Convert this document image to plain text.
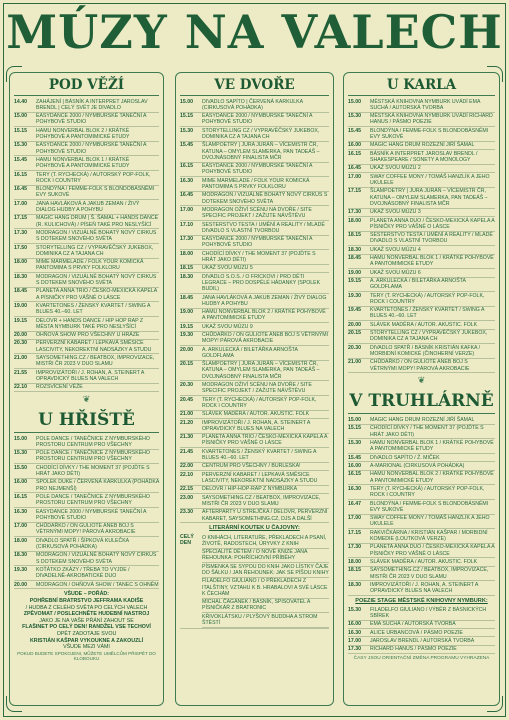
MÚZY NA VALECH
POD VĚŽÍ
14.40	ZAHÁJENÍ | BÁSNÍK A INTERPRET JAROSLAV BRENDL | CELÝ SVĚT JE DIVADLO
15.00	EASYDANCE 2000 / NYMBURSKÉ TANEČNÍ A POHYBOVÉ STUDIO
15.15	HAMU NONVERBAL BLOK 2 / KRÁTKÉ POHYBOVÉ A PANTOMIMICKÉ ETUDY
15.30	EASYDANCE 2000 / NYMBURSKÉ TANEČNÍ A POHYBOVÉ STUDIO
15.45	HAMU NONVERBAL BLOK 1 / KRÁTKÉ POHYBOVÉ A PANTOMIMICKÉ ETUDY
16.15	TERY (T. RYCHECKÁ) / AUTORSKÝ POP-FOLK, ROCK I COUNTRY
16.45	BLONDÝNA / FEMME-FOLK S BLONDOBÁSNĚMI EVY SUKOVÉ
17.00	JANA HAVLÁKOVÁ A JAKUB ZEMAN / ŽIVÝ DIALOG HUDBY A POHYBU
17.15	MAGIC HANG DRUM | Š. ŠAMAL + HANDS DANCE (R. KULICHOVÁ) / PÍSEŇ TAKÉ PRO NESLYŠÍCÍ
17.30	MODRAGON / VIZUÁLNĚ BOHATÝ NOVÝ CIRKUS S DOTEKEM SNOVÉHO SVĚTA
17.50	STORYTELLING CZ / VYPRAVĚČSKÝ JUKEBOX, DOMINIKA CZ A TAJANA CH
18.00	MIME MARMELADE / FOLK YOUR KOMICKÁ PANTOMIMA S PRVKY FOLKLORU
18.30	MODRAGON / VIZUÁLNĚ BOHATÝ NOVÝ CIRKUS S DOTEKEM SNOVÉHO SVĚTA
18.45	PLANETA ANNA TRIO / ČESKO-MEXICKÁ KAPELA A PÍSNIČKY PRO VÁŠNĚ O LÁSCE
19.00	KVARTETONES / ŽENSKÝ KVARTET / SWING A BLUES 40.–60. LET
19.15	DELOVR + HANDS DANCE / HIP HOP RAP Z MĚSTA NYMBURK TAKÉ PRO NESLYŠÍCÍ
20.00	OHŇOVÁ SHOW PRO VŠECHNY U HRÁZE
20.30	PERVERZNÍ KABARET / LEPKAVÁ SMĚSICE LASCIVITY, NEKOREKTNÍ NADSÁZKY A STUDU
21.00	SAYSOMETHING.CZ / BEATBOX, IMPROVIZACE, MISTŘI ČR 2023 V DUO SLAMU
21.55	IMPROVIZÁTOŘI / J. ROHAN, A. STEINERT A OPRAVDICKÝ BLUES NA VALECH
22.10	ROZSVÍCENÍ VĚŽE
❦
U HŘIŠTĚ
15.00	POLE DANCE / TANEČNICE Z NYMBURSKÉHO PROSTORU CENTRUM PRO VŠECHNY
15.30	POLE DANCE / TANEČNICE Z NYMBURSKÉHO PROSTORU CENTRUM PRO VŠECHNY
15.50	CHODÍCÍ DÍVKY / THE MOMENT 37 (POJĎTE S HRÁT JAKO DĚTI)
16.00	SPOLEK DUKE / ČERVENÁ KARKULKA (POHÁDKA PRO NEJMENŠÍ)
16.15	POLE DANCE / TANEČNICE Z NYMBURSKÉHO PROSTORU CENTRUM PRO VŠECHNY
16.30	EASYDANCE 2000 / NYMBURSKÉ TANEČNÍ A POHYBOVÉ STUDIO
17.00	CHŮDAŘKO / ON GULIOTE ANEB BOJ S VĚTRNÝMI MOPY! PÁROVÁ AKROBACIE
18.00	DIVADLO SPATŘ / ŠÍPKOVÁ KULEČKA (CIRKUSOVÁ POHÁDKA)
18.30	MODRAGON / VIZUÁLNĚ BOHATÝ NOVÝ CIRKUS S DOTEKEM SNOVÉHO SVĚTA
19.30	KOŤÁTKO ZKÁZY / TŘEBA TO VYJDE / DIVADELNĚ-AKROBATICKÉ DUO
20.00	MODRAGON / OHŇOVÁ SHOW / TANEC S OHNĚM
VŠUDE – POŘÁD:
POHŘEBNÍ BRATRSTVO JEFFRAMA KADIŠE
/ HUDBA Z CELÉHO SVĚTA PO CELÝCH VALECH
ZPĚVOMAT / POSLECHNĚTE HUDEBNÍ NASTROJ
JAKO JE NA VAŠE PŘÁNÍ ZAHOUT SE
FLAŠINET PO CELÝ DEN! RANDŽEL VSE TECHOVÍ
OPĚT ZADOTAJE SVOU
KRISTIÁN KAŠPAR VYKOUKNE A ZAKOUZLÍ
VŠUDE MEZI VÁMI
POKUD BUDETE SPOKOJENI, MŮŽETE UMĚLCŮM PŘISPĚT DO KLOBOUKU
VE DVOŘE
15.00	DIVADLO SAPÍTO | ČERVENÁ KARKULKA (CIRKUSOVÁ POHÁDKA)
15.15	EASYDANCE 2000 / NYMBURSKÉ TANEČNÍ A POHYBOVÉ STUDIO
15.30	STORYTELLING CZ / VYPRAVĚČSKÝ JUKEBOX, DOMINIKA CZ A TAJANA CH
15.45	ŠLAMPOETRY | JURA JURÁŇ – VÍCEMISTR ČR, KATUNA – OMYLEM SLAMERKA, PAN TADEÁŠ – DVOJNÁSOBNÝ FINALISTA MČR
16.15	EASYDANCE 2000 / NYMBURSKÉ TANEČNÍ A POHYBOVÉ STUDIO
16.30	MIME MARMELADE / FOLK YOUR KOMICKÁ PANTOMIMA S PRVKY FOLKLORU
16.45	MODRAGON / VIZUÁLNĚ BOHATÝ NOVÝ CIRKUS S DOTEKEM SNOVÉHO SVĚTA
17.00	MODRAGON OŽIVÍ SCÉNU NA DVOŘE / SITE SPECIFIC PROJEKT / ZAŽIJTE NÁVŠTĚVU
17.10	SESTERSTVO TESTA / UMĚNÍ A REALITY / MLADÉ DIVADLO S VLASTNÍ TVORBOU
17.30	EASYDANCE 2000 / NYMBURSKÉ TANEČNÍ A POHYBOVÉ STUDIO
18.00	CHODÍCÍ DÍVKY / THE MOMENT 37 (POJĎTE S HRÁT JAKO DĚTI)
18.15	UKAŽ SVOU MÚZU 5
18.30	DIVADLO S.O.S. / O FRICKOVI / PRO DĚTI LEGRACE – PRO DOSPĚLÉ HÁDANKY (SPOLEK BUDIL)
18.45	JANA HAVLÁKOVÁ A JAKUB ZEMAN / ŽIVÝ DIALOG HUDBY A POHYBU
19.00	HAMU NONVERBAL BLOK 2 / KRÁTKÉ POHYBOVÉ A PANTOMIMICKÉ ETUDY
19.15	UKAŽ SVOU MÚZU 9
19.30	CHŮDAŘKO / ON GULIOTE ANEB BOJ S VĚTRNÝMI MOPY! PÁROVÁ AKROBACIE
20.00	A. ARKULECKÁ / BILETÁŘKA ARNOŠTA GOLDFLAMA
20.15	ŠLAMPOETRY | JURA JURÁŇ – VÍCEMISTR ČR, KATUNA – OMYLEM SLAMERKA, PAN TADEÁŠ – DVOJNÁSOBNÝ FINALISTA MČR
20.30	MODRAGON OŽIVÍ SCÉNU NA DVOŘE / SITE SPECIFIC PROJEKT / ZAŽIJTE NÁVŠTĚVU
20.45	TERY (T. RYCHECKÁ) / AUTORSKÝ POP-FOLK, ROCK I COUNTRY
21.00	SLÁVEK MADĚRA / AUTOR. AKUSTIC. FOLK
21.20	IMPROVIZÁTOŘI / J. ROHAN, A. STEINERT A OPRAVDICKÝ BLUES NA VALECH
21.30	PLANETA ANNA TRIO / ČESKO-MEXICKÁ KAPELA A PÍSNIČKY PRO VÁŠNĚ O LÁSCE
21.45	KVARTETONES / ŽENSKÝ KVARTET / SWING A BLUES 40.–60. LET
22.00	CENTRUM PRO VŠECHNY / BURLESKA!
22.10	PERVERZNÍ KABARET / LEPKAVÁ SMĚSICE LASCIVITY, NEKOREKTNÍ NADSÁZKY A STUDU
22.15	DELOVR / HIP-HOP-RAP Z NYMBURKA
23.00	SAYSOMETHING.CZ / BEATBOX, IMPROVIZACE, MISTŘI ČR 2023 V DUO SLAMU
23.30	AFTERPARTY U STREJČKA / DELOVR, PERVERZNÍ KABARET, SAYSOMETHING.CZ, DJS A DALŠÍ
LITERÁRNÍ KOUTEK U ČAJOVNY:
CELÝ DEN
O KNIHÁCH, LITERATUŘE, PŘEKLADECH A PSANÍ, ŽIVOTĚ, RADOSTECH, ÚRYVKY Z KNIH
SPECIALITÉ DĚTEM / O NOVÉ KNIZE JANA ŘEHOUNKA: POHŘÍCHOVNÍ PŘÍBĚHY
PÍSMENKA SE SYPOU DO KNIH JAKO LÍSTKY ČAJE DO ŠÁLKU / JAN ŘEHOUNEK: JAK SE PÍŠOU KNIHY
FILADELFO GIULIANO / O PŘEKLADECH Z ITALŠTINY, VZTAHU K B. HRABALOVI A SVÉ LÁSCE K ČECHÁM
MICHAL ČAGÁNEK / BÁSNÍK, SPISOVATEL A PÍSNIČKÁŘ Z BRATRONIC
KŘIVOKLÁTSKU / PLYŠOVÝ BUDDHA A STROM ŠTĚSTÍ
U KARLA
15.00	MĚSTSKÁ KNIHOVNA NYMBURK UVÁDÍ EMA SUCHÁ / AUTORSKÁ TVORBA
15.30	MĚSTSKÁ KNIHOVNA NYMBURK UVÁDÍ RICHARD HANUS / PÁSMO POEZIE
15.45	BLONDÝNA / FEMME-FOLK S BLONDOBÁSNĚMI EVY SUKOVÉ
16.00	MAGIC HANG DRUM ROZEZNÍ JIŘÍ ŠAMAL
16.15	BÁSNÍK A INTERPRET JAROSLAV BRENDL / SHAKESPEARE / SONETY A MONOLOGY
16.45	UKAŽ SVOU MÚZU 2
17.00	SWAY COFFEE MONY / TOMÁŠ HANZLÍK A JEHO UKULELE
17.15	ŠLAMPOETRY | JURA JURÁŇ – VÍCEMISTR ČR, KATUNA – OMYLEM SLAMERKA, PAN TADEÁŠ – DVOJNÁSOBNÝ FINALISTA MČR
17.30	UKAŽ SVOU MÚZU 3
18.00	PLANETA ANNA DUO / ČESKO-MEXICKÁ KAPELA A PÍSNIČKY PRO VÁŠNĚ O LÁSCE
18.15	SESTERSTVO TESTA / UMĚNÍ A REALITY / MLADÉ DIVADLO S VLASTNÍ TVORBOU
18.30	UKAŽ SVOU MÚZU 4
18.45	HAMU NONVERBAL BLOK 1 / KRÁTKÉ POHYBOVÉ A PANTOMIMICKÉ ETUDY
19.00	UKAŽ SVOU MÚZU 6
19.15	A. ARKULECKÁ / BILETÁŘKA ARNOŠTA GOLDFLAMA
19.30	TERY (T. RYCHECKÁ) / AUTORSKÝ POP-FOLK, ROCK I COUNTRY
19.45	KVARTETONES / ŽENSKÝ KVARTET / SWING A BLUES 40.–60. LET
20.00	SLÁVEK MADĚRA / AUTOR. AKUSTIC. FOLK
20.15	STORYTELLING CZ / VYPRAVĚČSKÝ JUKEBOX, DOMINIKA CZ A TAJANA CH
20.30	DIVADLO SPATŘ / BÁSNÍK KRISTIÁN KAFKA / MORBIDNÍ KOMICKÉ (ČINOHERNÍ VERZE)
21.00	CHŮDAŘKO / ON GULIOTE ANEB BOJ S VĚTRNÝMI MOPY! PÁROVÁ AKROBACIE
❦
V TRUHLÁRNĚ
15.00	MAGIC HANG DRUM ROZEZNÍ JIŘÍ ŠAMAL
15.15	CHODÍCÍ DÍVKY / THE MOMENT 37 (POJĎTE S HRÁT JAKO DĚTI)
15.30	HAMU NONVERBAL BLOK 1 / KRÁTKÉ POHYBOVÉ A PANTOMIMICKÉ ETUDY
15.45	DIVADLO SAPÍTO / Ž. MIČEK
16.00	A-MARIONAL (CIRKUSOVÁ POHÁDKA)
16.15	HAMU NONVERBAL BLOK 2 / KRÁTKÉ POHYBOVÉ A PANTOMIMICKÉ ETUDY
16.30	TERY (T. RYCHECKÁ) / AUTORSKÝ POP-FOLK, ROCK I COUNTRY
16.47	BLONDÝNA / FEMME-FOLK S BLONDOBÁSNĚMI EVY SUKOVÉ
17.00	SWAY COFFEE MONY / TOMÁŠ HANZLÍK A JEHO UKULELE
17.15	RAKVIČKÁRNA / KRISTIÁN KAŠPAR / MORBIDNÍ KOMEDIE (LOUTKOVÁ VERZE)
17.30	PLANETA ANNA DUO / ČESKO-MEXICKÁ KAPELA A PÍSNIČKY PRO VÁŠNĚ O LÁSCE
18.00	SLÁVEK MADĚRA / AUTOR. AKUSTIC. FOLK
18.15	SAYSOMETHING.CZ / BEATBOX, IMPROVIZACE, MISTŘI ČR 2023 V DUO SLAMU
18.30	IMPROVIZÁTOŘI / J. ROHAN, A. STEINERT A OPRAVDICKÝ BLUES NA VALECH
POEZIE STAGE MĚSTSKÉ KNIHOVNY NYMBURK:
15.30	FILADELFO GIULIANO / VÝBĚR Z BÁSNICKÝCH SBÍREK
16.00	EMA SUCHÁ / AUTORSKÁ TVORBA
16.30	ALICE URBANCOVÁ / PÁSMO POEZIE
17.00	JAROSLAV BRENDL / AUTORSKÁ TVORBA
17.30	RICHARD HANUS / PÁSMO POEZIE
ČASY JSOU ORIENTAČNÍ ZMĚNA PROGRAMU VYHRAZENA
